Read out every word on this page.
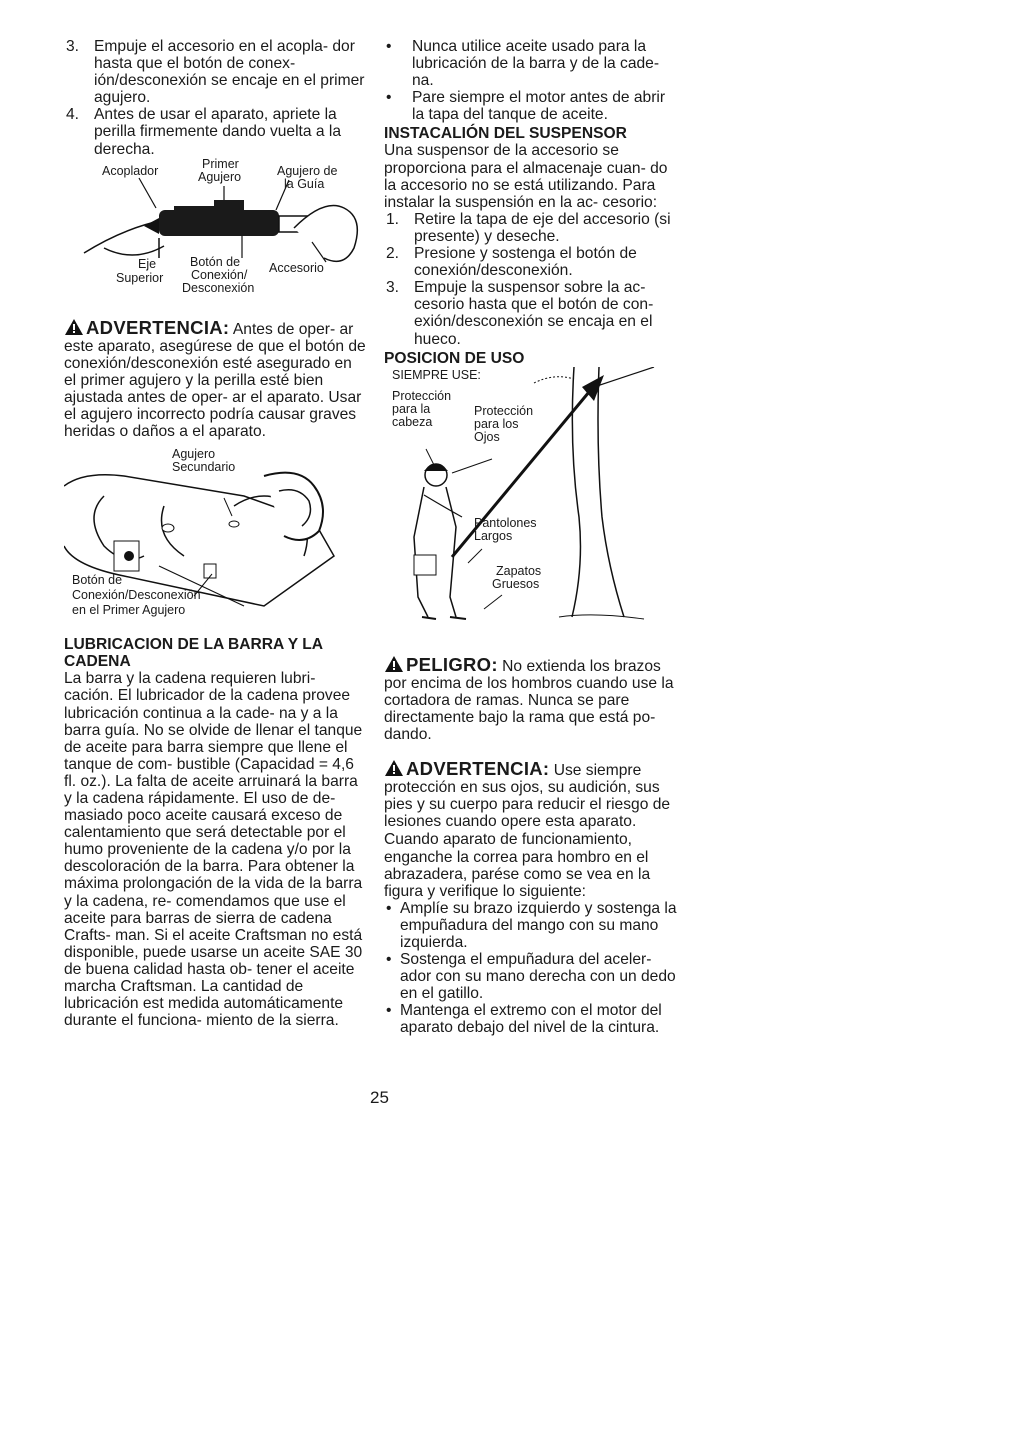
3. Empuje el accesorio en el acopla- dor hasta que el botón de conex- ión/desconexión se encaje en el primer agujero.
4. Antes de usar el aparato, apriete la perilla firmemente dando vuelta a la derecha.
Acoplador	Primer
Agujero	Agujero de
la Guía
Eje
Superior
Botón de
Conexión/
Desconexión
Accesorio

ADVERTENCIA: Antes de oper- ar este aparato, asegúrese de que el botón de conexión/desconexión esté asegurado en el primer agujero y la perilla esté bien ajustada antes de oper- ar el aparato. Usar el agujero incorrecto podría causar graves heridas o daños a el aparato.

Agujero
Secundario
Botón de
Conexión/Desconexión
en el Primer Agujero
LUBRICACION DE LA BARRA Y LA CADENA

La barra y la cadena requieren lubri- cación. El lubricador de la cadena provee lubricación continua a la cade- na y a la barra guía. No se olvide de llenar el tanque de aceite para barra siempre que llene el tanque de com- bustible (Capacidad = 4,6 fl. oz.). La falta de aceite arruinará la barra y la cadena rápidamente. El uso de de- masiado poco aceite causará exceso de calentamiento que será detectable por el humo proveniente de la cadena y/o por la descoloración de la barra. Para obtener la máxima prolongación de la vida de la barra y la cadena, re- comendamos que use el aceite para barras de sierra de cadena Crafts- man. Si el aceite Craftsman no está disponible, puede usarse un aceite SAE 30 de buena calidad hasta ob- tener el aceite marcha Craftsman. La cantidad de lubricación est medida automáticamente durante el funciona- miento de la sierra.

• Nunca utilice aceite usado para la lubricación de la barra y de la cade- na.
• Pare siempre el motor antes de abrir la tapa del tanque de aceite.
INSTACALIÓN DEL SUSPENSOR

Una suspensor de la accesorio se proporciona para el almacenaje cuan- do la accesorio no se está utilizando. Para instalar la suspensión en la ac- cesorio:

1. Retire la tapa de eje del accesorio (si presente) y deseche.
2. Presione y sostenga el botón de conexión/desconexión.
3. Empuje la suspensor sobre la ac- cesorio hasta que el botón de con- exión/desconexión se encaja en el hueco.
POSICION DE USO
SIEMPRE USE:
Protección
para la
cabeza
Protección
para los
Ojos
Pantolones
Largos
Zapatos
Gruesos

PELIGRO: No extienda los brazos por encima de los hombros cuando use la cortadora de ramas. Nunca se pare directamente bajo la rama que está po- dando.

ADVERTENCIA: Use siempre protección en sus ojos, su audición, sus pies y su cuerpo para reducir el riesgo de lesiones cuando opere esta aparato.

Cuando aparato de funcionamiento, enganche la correa para hombro en el abrazadera, parése como se vea en la figura y verifique lo siguiente:

• Amplíe su brazo izquierdo y sostenga la empuñadura del mango con su mano izquierda.
• Sostenga el empuñadura del aceler- ador con su mano derecha con un dedo en el gatillo.
• Mantenga el extremo con el motor del aparato debajo del nivel de la cintura.
25
